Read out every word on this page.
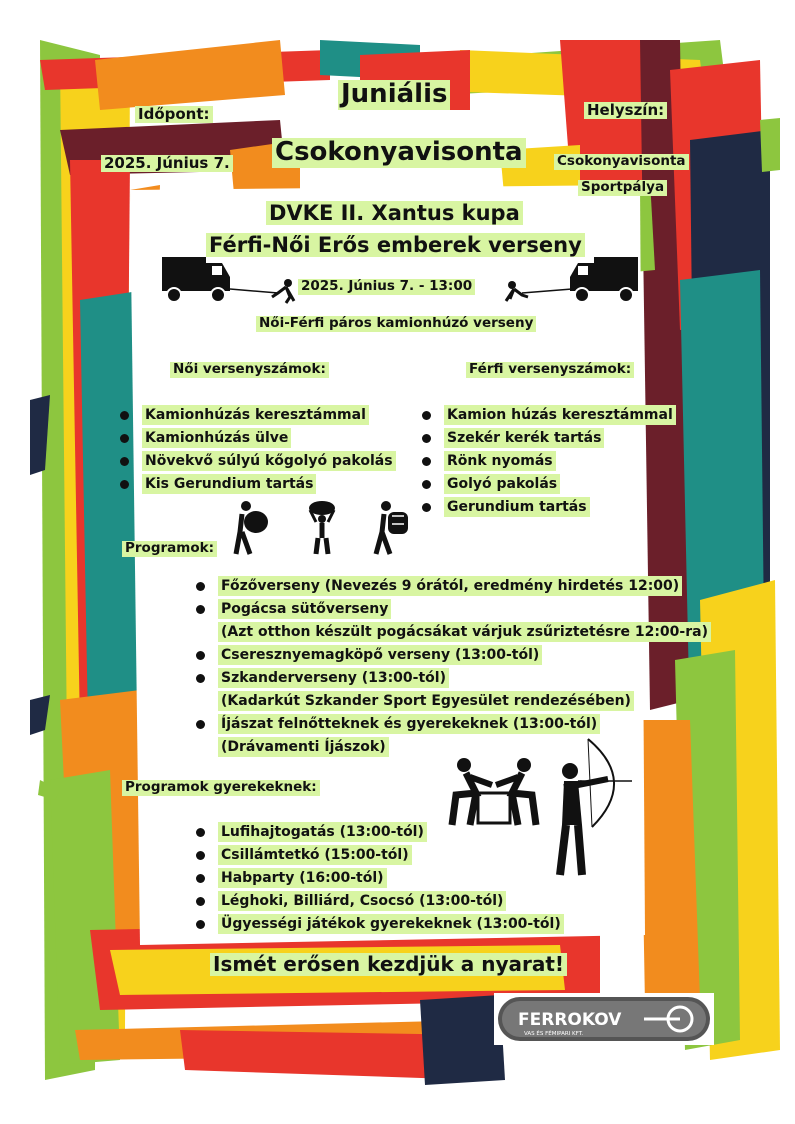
Időpont:
Juniális
Helyszín:
2025. Június 7. Csokonyavisonta	Csokonyavisonta
Sportpálya
DVKE II. Xantus kupa
Férfi-Női Erős emberek verseny
2025. Június 7. - 13:00
Női-Férfi páros kamionhúzó verseny
Női versenyszámok:
Kamionhúzás keresztámmal
Kamionhúzás ülve
Növekvő súlyú kőgolyó pakolás
Kis Gerundium tartás
Férfi versenyszámok:
Kamion húzás keresztámmal
Szekér kerék tartás
Rönk nyomás
Golyó pakolás
Gerundium tartás
Programok:
Főzőverseny (Nevezés 9 órától, eredmény hirdetés 12:00)
Pogácsa sütőverseny
(Azt otthon készült pogácsákat várjuk zsűriztetésre 12:00-ra)
Cseresznyemagköpő verseny (13:00-tól)
Szkanderverseny (13:00-tól)
(Kadarkút Szkander Sport Egyesület rendezésében)
Íjászat felnőtteknek és gyerekeknek (13:00-tól)
(Drávamenti Íjászok)
Programok gyerekeknek:
Lufihajtogatás (13:00-tól)
Csillámtetkó (15:00-tól)
Habparty (16:00-tól)
Léghoki, Billiárd, Csocsó (13:00-tól)
Ügyességi játékok gyerekeknek (13:00-tól)
Ismét erősen kezdjük a nyarat!
FERROKOV
VAS ÉS FÉMIPARI KFT.
